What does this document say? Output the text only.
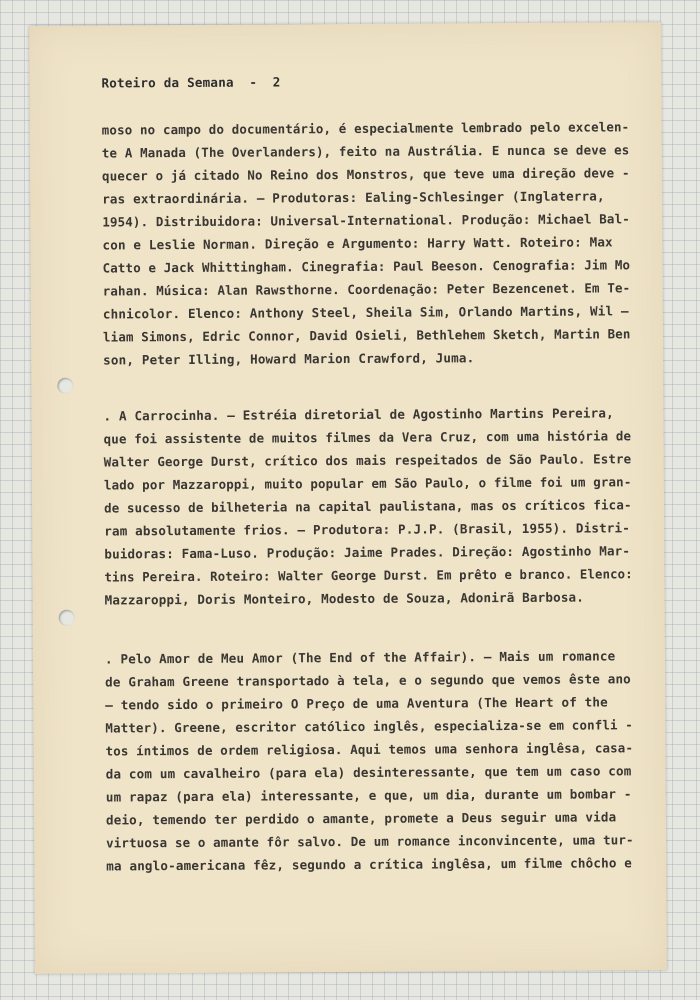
Roteiro da Semana  -  2
moso no campo do documentário, é especialmente lembrado pelo excelen-
te A Manada (The Overlanders), feito na Austrália. E nunca se deve es
quecer o já citado No Reino dos Monstros, que teve uma direção deve -
ras extraordinária. — Produtoras: Ealing-Schlesinger (Inglaterra,
1954). Distribuidora: Universal-International. Produção: Michael Bal-
con e Leslie Norman. Direção e Argumento: Harry Watt. Roteiro: Max
Catto e Jack Whittingham. Cinegrafia: Paul Beeson. Cenografia: Jim Mo
rahan. Música: Alan Rawsthorne. Coordenação: Peter Bezencenet. Em Te-
chnicolor. Elenco: Anthony Steel, Sheila Sim, Orlando Martins, Wil —
liam Simons, Edric Connor, David Osieli, Bethlehem Sketch, Martin Ben
son, Peter Illing, Howard Marion Crawford, Juma.
. A Carrocinha. — Estréia diretorial de Agostinho Martins Pereira,
que foi assistente de muitos filmes da Vera Cruz, com uma história de
Walter George Durst, crítico dos mais respeitados de São Paulo. Estre
lado por Mazzaroppi, muito popular em São Paulo, o filme foi um gran-
de sucesso de bilheteria na capital paulistana, mas os críticos fica-
ram absolutamente frios. — Produtora: P.J.P. (Brasil, 1955). Distri-
buidoras: Fama-Luso. Produção: Jaime Prades. Direção: Agostinho Mar-
tins Pereira. Roteiro: Walter George Durst. Em prêto e branco. Elenco:
Mazzaroppi, Doris Monteiro, Modesto de Souza, Adonirã Barbosa.
. Pelo Amor de Meu Amor (The End of the Affair). — Mais um romance
de Graham Greene transportado à tela, e o segundo que vemos êste ano
— tendo sido o primeiro O Preço de uma Aventura (The Heart of the
Matter). Greene, escritor católico inglês, especializa-se em confli -
tos íntimos de ordem religiosa. Aqui temos uma senhora inglêsa, casa-
da com um cavalheiro (para ela) desinteressante, que tem um caso com
um rapaz (para ela) interessante, e que, um dia, durante um bombar -
deio, temendo ter perdido o amante, promete a Deus seguir uma vida
virtuosa se o amante fôr salvo. De um romance inconvincente, uma tur-
ma anglo-americana fêz, segundo a crítica inglêsa, um filme chôcho e
